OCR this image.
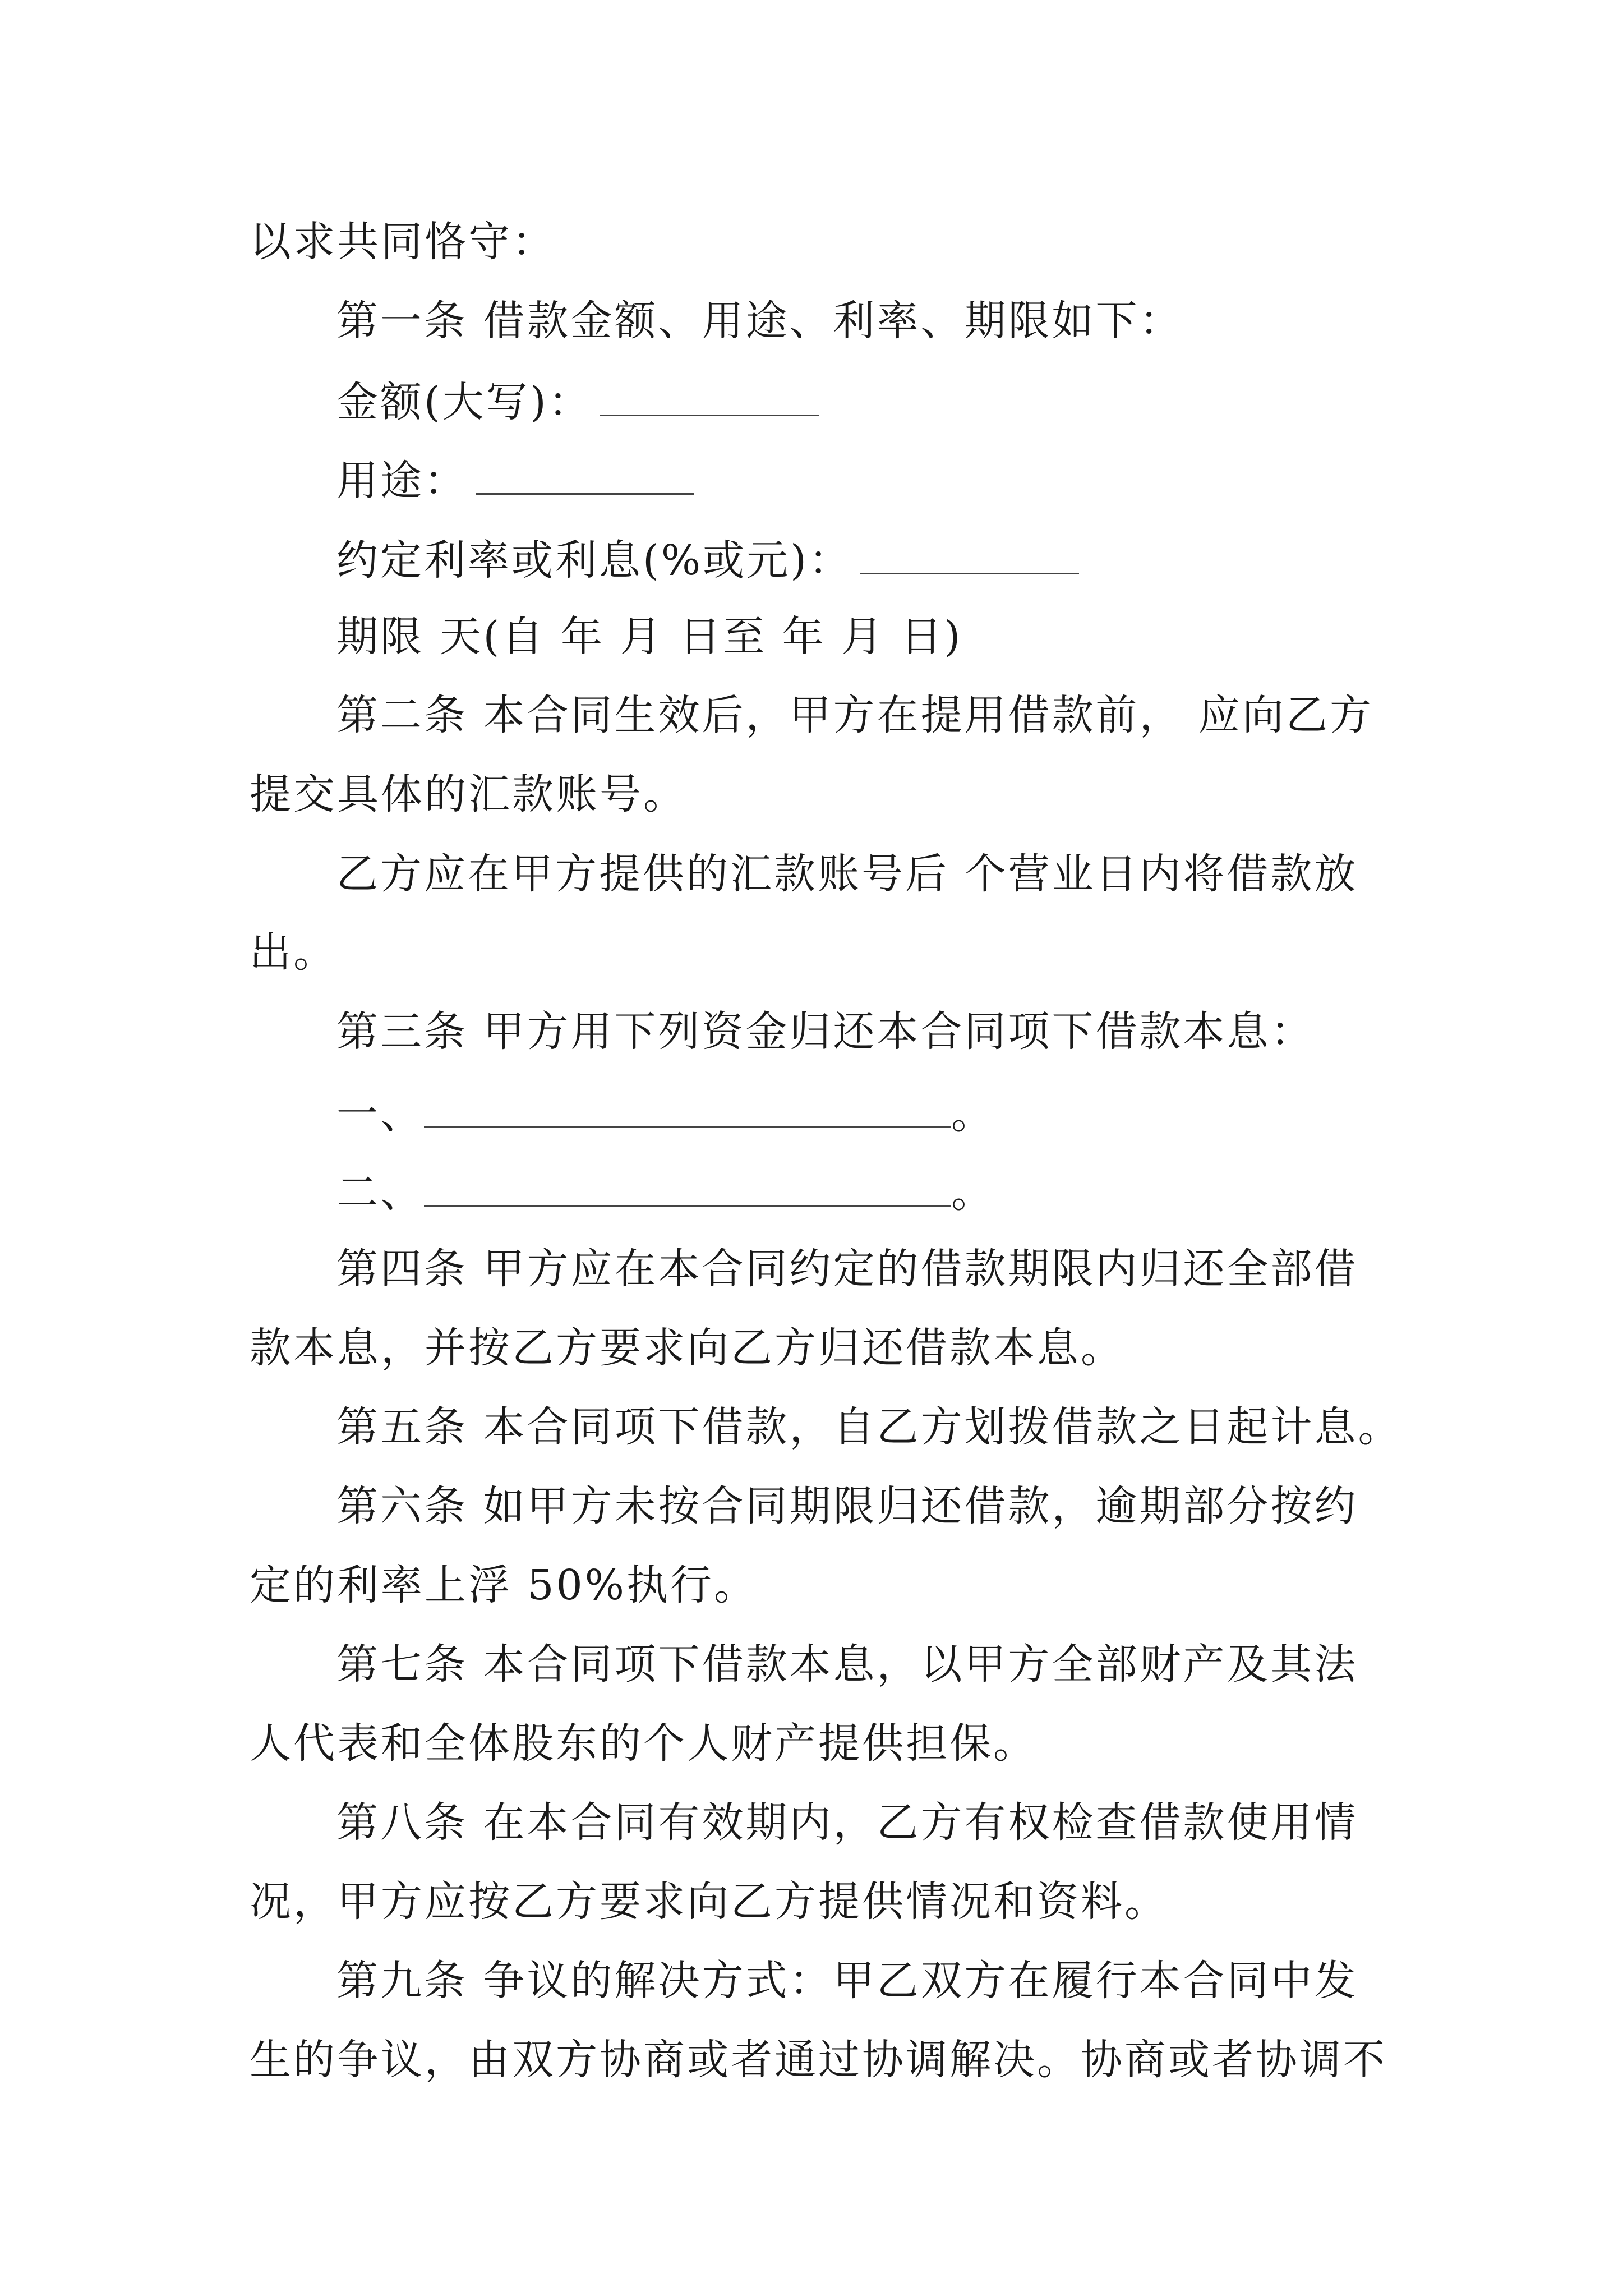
以求共同恪守：
第一条 借款金额、用途、利率、期限如下：
金额(大写)：
用途：
约定利率或利息(%或元)：
期限 天(自 年 月 日至 年 月 日)
第二条 本合同生效后，甲方在提用借款前， 应向乙方
提交具体的汇款账号。
乙方应在甲方提供的汇款账号后 个营业日内将借款放
出。
第三条 甲方用下列资金归还本合同项下借款本息：
一、	。
二、	。
第四条 甲方应在本合同约定的借款期限内归还全部借
款本息，并按乙方要求向乙方归还借款本息。
第五条 本合同项下借款，自乙方划拨借款之日起计息。
第六条 如甲方未按合同期限归还借款，逾期部分按约
定的利率上浮 50%执行。
第七条 本合同项下借款本息，以甲方全部财产及其法
人代表和全体股东的个人财产提供担保。
第八条 在本合同有效期内，乙方有权检查借款使用情
况，甲方应按乙方要求向乙方提供情况和资料。
第九条 争议的解决方式：甲乙双方在履行本合同中发
生的争议，由双方协商或者通过协调解决。协商或者协调不
